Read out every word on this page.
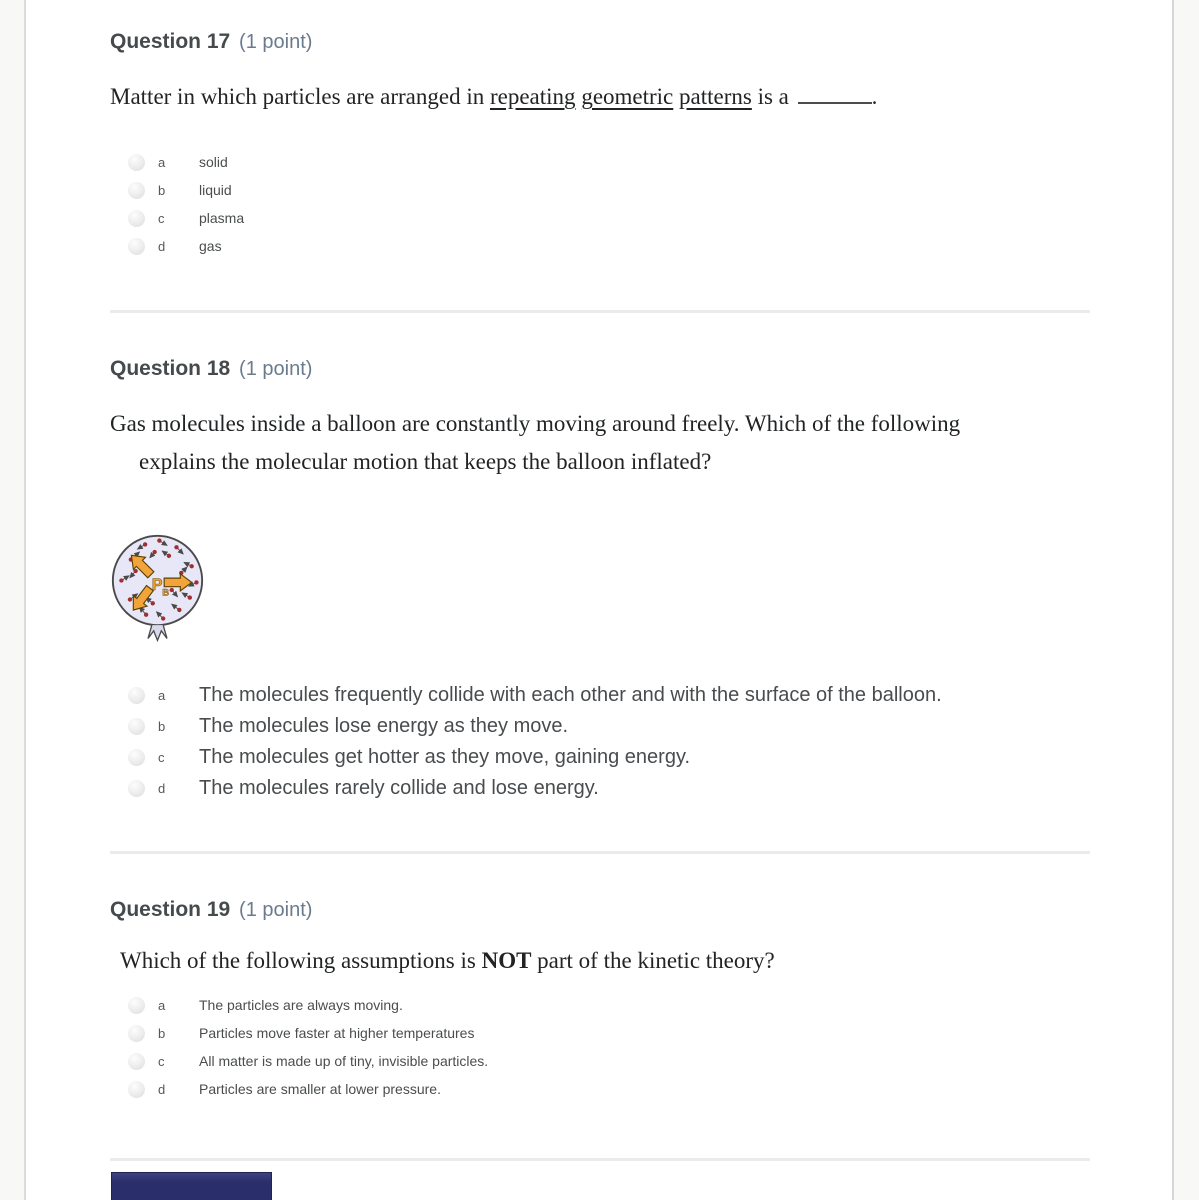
Question 17 (1 point)

Matter in which particles are arranged in repeating geometric patterns is a	.

a	solid
b	liquid
c	plasma
d	gas
Question 18 (1 point)

Gas molecules inside a balloon are constantly moving around freely. Which of the following explains the molecular motion that keeps the balloon inflated?

P B
a	The molecules frequently collide with each other and with the surface of the balloon.
b	The molecules lose energy as they move.
c	The molecules get hotter as they move, gaining energy.
d	The molecules rarely collide and lose energy.
Question 19 (1 point)

Which of the following assumptions is NOT part of the kinetic theory?

a	The particles are always moving.
b	Particles move faster at higher temperatures
c	All matter is made up of tiny, invisible particles.
d	Particles are smaller at lower pressure.
